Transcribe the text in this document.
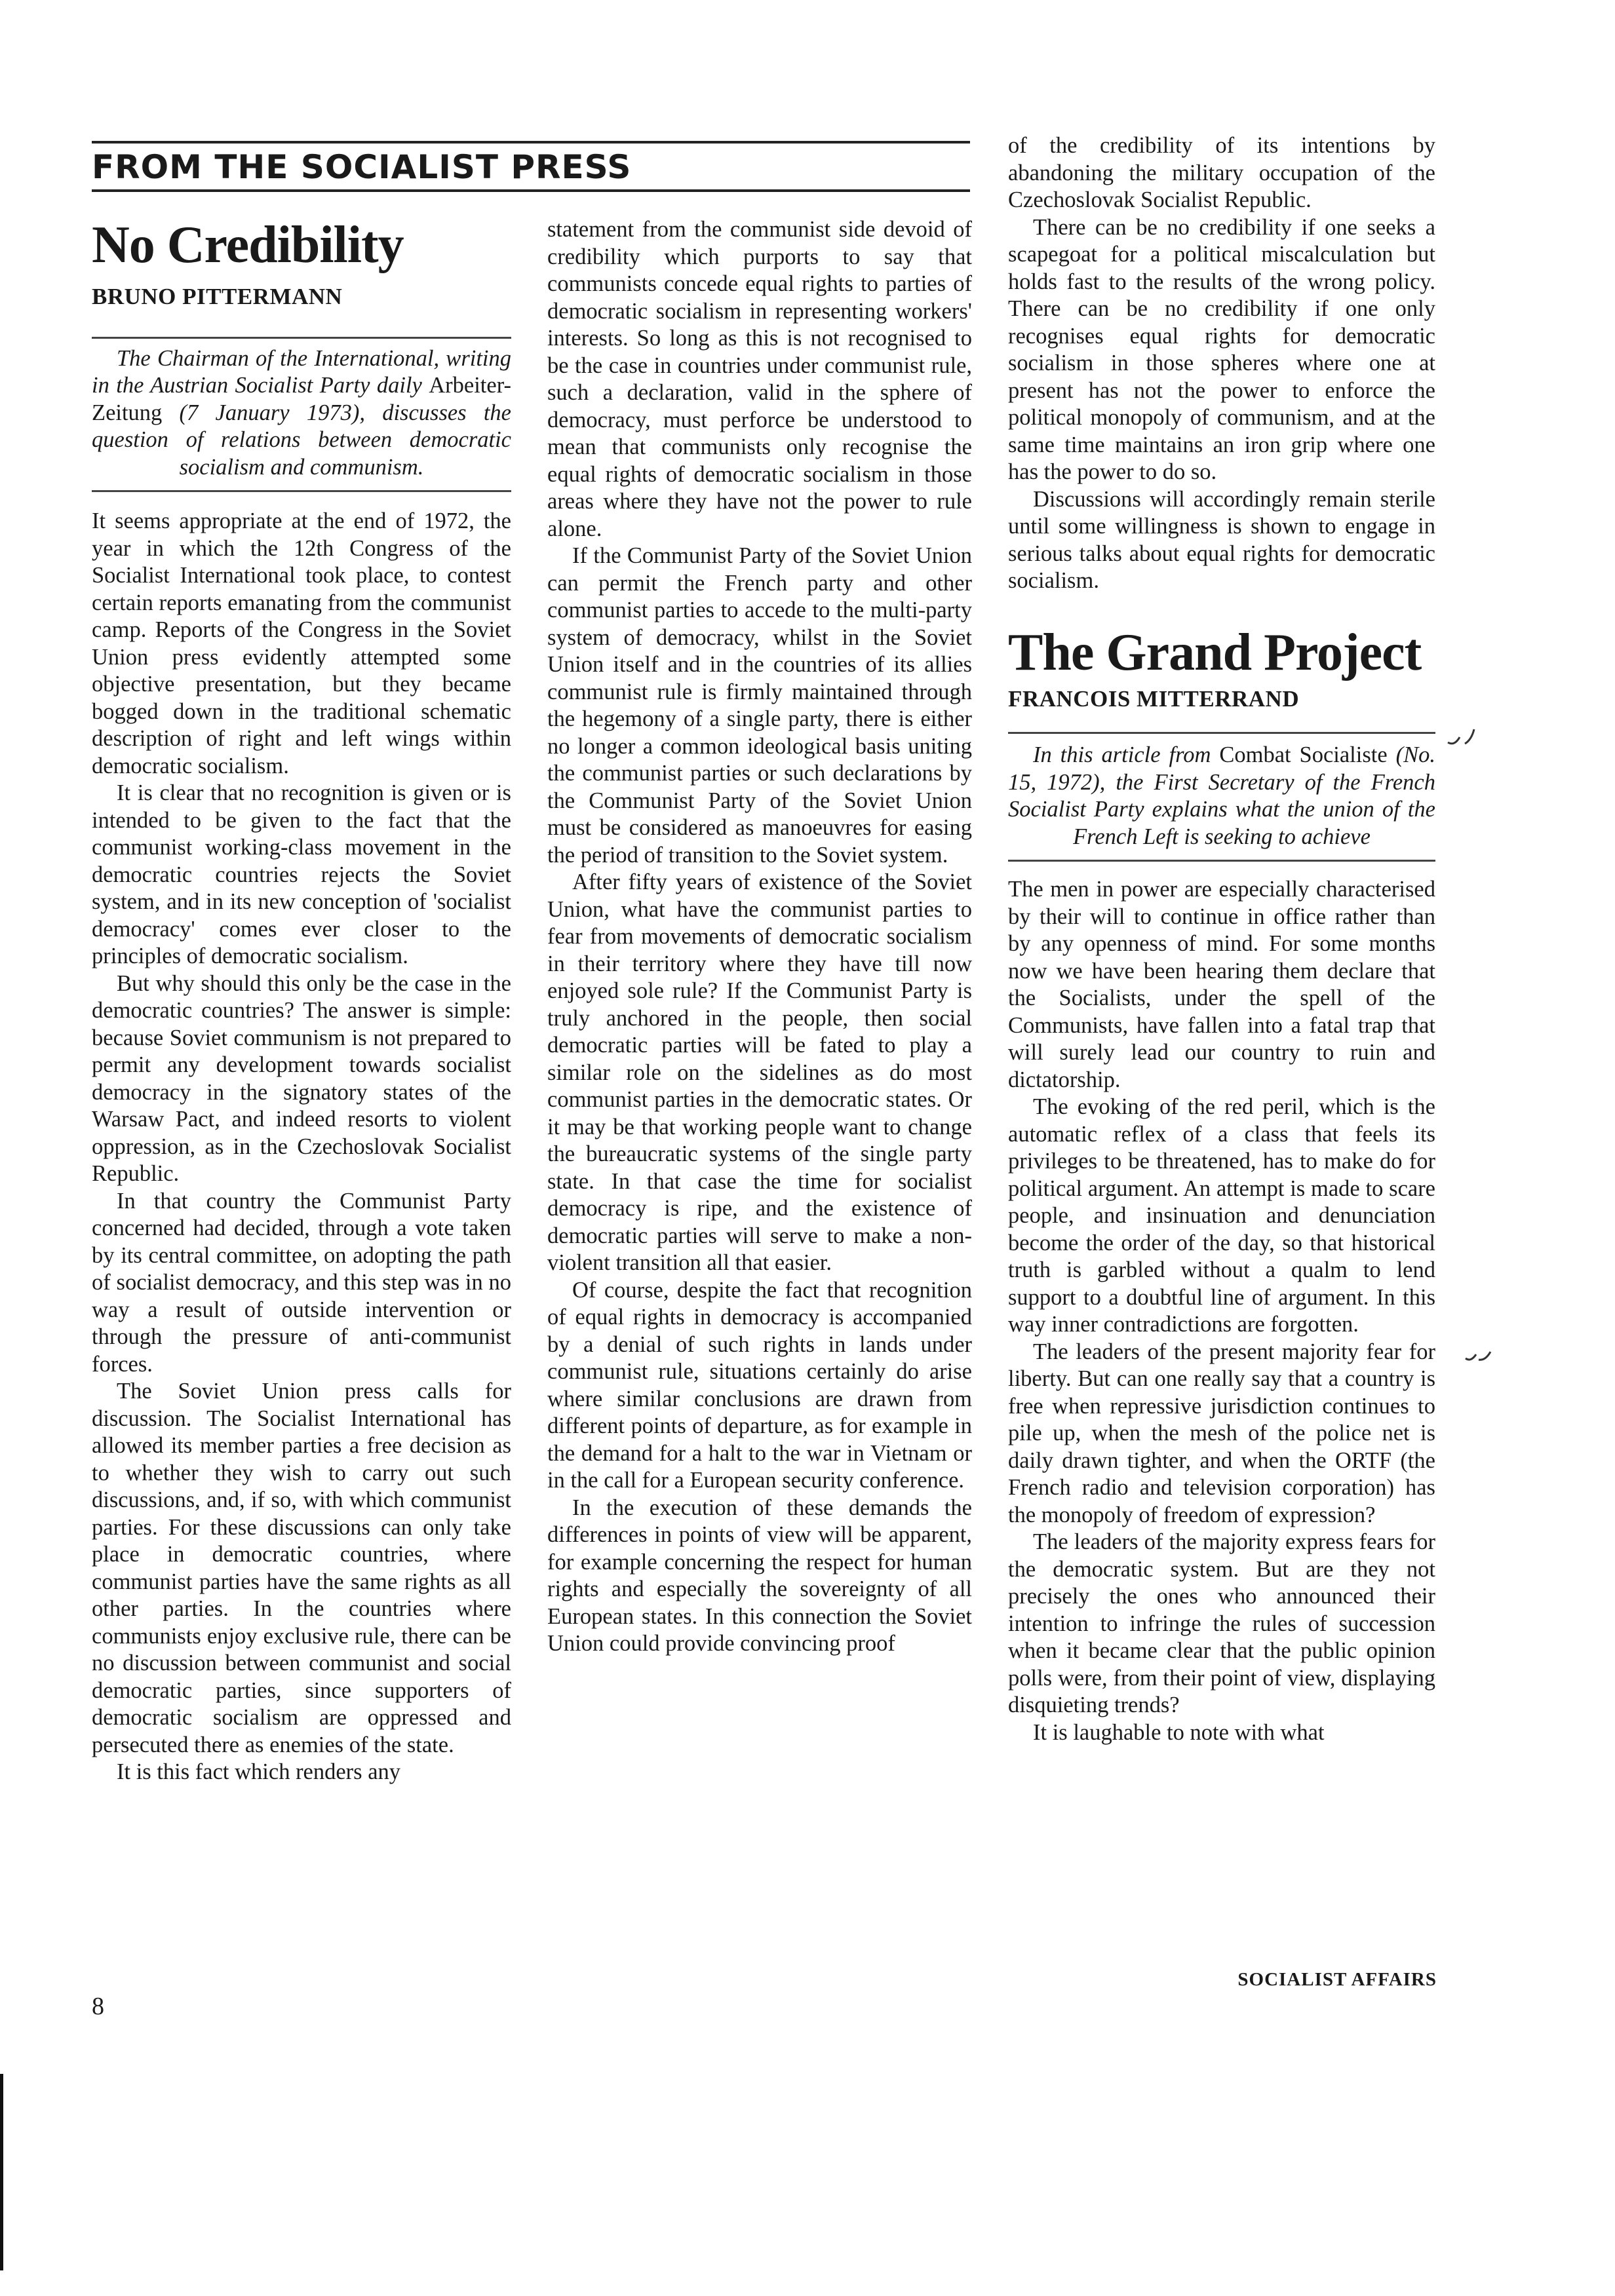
FROM THE SOCIALIST PRESS
No Credibility
BRUNO PITTERMANN

The Chairman of the International, writing in the Austrian Socialist Party daily Arbeiter-Zeitung (7 January 1973), discusses the question of relations between democratic socialism and communism.

It seems appropriate at the end of 1972, the year in which the 12th Congress of the Socialist International took place, to contest certain reports emanating from the communist camp. Reports of the Congress in the Soviet Union press evidently attempted some objective presentation, but they became bogged down in the traditional schematic description of right and left wings within democratic socialism.

It is clear that no recognition is given or is intended to be given to the fact that the communist working-class movement in the democratic countries rejects the Soviet system, and in its new conception of 'socialist democracy' comes ever closer to the principles of democratic socialism.

But why should this only be the case in the democratic countries? The answer is simple: because Soviet communism is not prepared to permit any development towards socialist democracy in the signatory states of the Warsaw Pact, and indeed resorts to violent oppression, as in the Czechoslovak Socialist Republic.

In that country the Communist Party concerned had decided, through a vote taken by its central committee, on adopting the path of socialist democracy, and this step was in no way a result of outside intervention or through the pressure of anti-communist forces.

The Soviet Union press calls for discussion. The Socialist International has allowed its member parties a free decision as to whether they wish to carry out such discussions, and, if so, with which communist parties. For these discussions can only take place in democratic countries, where communist parties have the same rights as all other parties. In the countries where communists enjoy exclusive rule, there can be no discussion between communist and social democratic parties, since supporters of democratic socialism are oppressed and persecuted there as enemies of the state.

It is this fact which renders any

statement from the communist side devoid of credibility which purports to say that communists concede equal rights to parties of democratic socialism in representing workers' interests. So long as this is not recognised to be the case in countries under communist rule, such a declaration, valid in the sphere of democracy, must perforce be understood to mean that communists only recognise the equal rights of democratic socialism in those areas where they have not the power to rule alone.

If the Communist Party of the Soviet Union can permit the French party and other communist parties to accede to the multi-party system of democracy, whilst in the Soviet Union itself and in the countries of its allies communist rule is firmly maintained through the hegemony of a single party, there is either no longer a common ideological basis uniting the communist parties or such declarations by the Communist Party of the Soviet Union must be considered as manoeuvres for easing the period of transition to the Soviet system.

After fifty years of existence of the Soviet Union, what have the communist parties to fear from movements of democratic socialism in their territory where they have till now enjoyed sole rule? If the Communist Party is truly anchored in the people, then social democratic parties will be fated to play a similar role on the sidelines as do most communist parties in the democratic states. Or it may be that working people want to change the bureaucratic systems of the single party state. In that case the time for socialist democracy is ripe, and the existence of democratic parties will serve to make a non-violent transition all that easier.

Of course, despite the fact that recognition of equal rights in democracy is accompanied by a denial of such rights in lands under communist rule, situations certainly do arise where similar conclusions are drawn from different points of departure, as for example in the demand for a halt to the war in Vietnam or in the call for a European security conference.

In the execution of these demands the differences in points of view will be apparent, for example concerning the respect for human rights and especially the sovereignty of all European states. In this connection the Soviet Union could provide convincing proof

of the credibility of its intentions by abandoning the military occupation of the Czechoslovak Socialist Republic.

There can be no credibility if one seeks a scapegoat for a political miscalculation but holds fast to the results of the wrong policy. There can be no credibility if one only recognises equal rights for democratic socialism in those spheres where one at present has not the power to enforce the political monopoly of communism, and at the same time maintains an iron grip where one has the power to do so.

Discussions will accordingly remain sterile until some willingness is shown to engage in serious talks about equal rights for democratic socialism.

The Grand Project
FRANCOIS MITTERRAND

In this article from Combat Socialiste (No. 15, 1972), the First Secretary of the French Socialist Party explains what the union of the French Left is seeking to achieve

The men in power are especially characterised by their will to continue in office rather than by any openness of mind. For some months now we have been hearing them declare that the Socialists, under the spell of the Communists, have fallen into a fatal trap that will surely lead our country to ruin and dictatorship.

The evoking of the red peril, which is the automatic reflex of a class that feels its privileges to be threatened, has to make do for political argument. An attempt is made to scare people, and insinuation and denunciation become the order of the day, so that historical truth is garbled without a qualm to lend support to a doubtful line of argument. In this way inner contradictions are forgotten.

The leaders of the present majority fear for liberty. But can one really say that a country is free when repressive jurisdiction continues to pile up, when the mesh of the police net is daily drawn tighter, and when the ORTF (the French radio and television corporation) has the monopoly of freedom of expression?

The leaders of the majority express fears for the democratic system. But are they not precisely the ones who announced their intention to infringe the rules of succession when it became clear that the public opinion polls were, from their point of view, displaying disquieting trends?

It is laughable to note with what

8
SOCIALIST AFFAIRS
